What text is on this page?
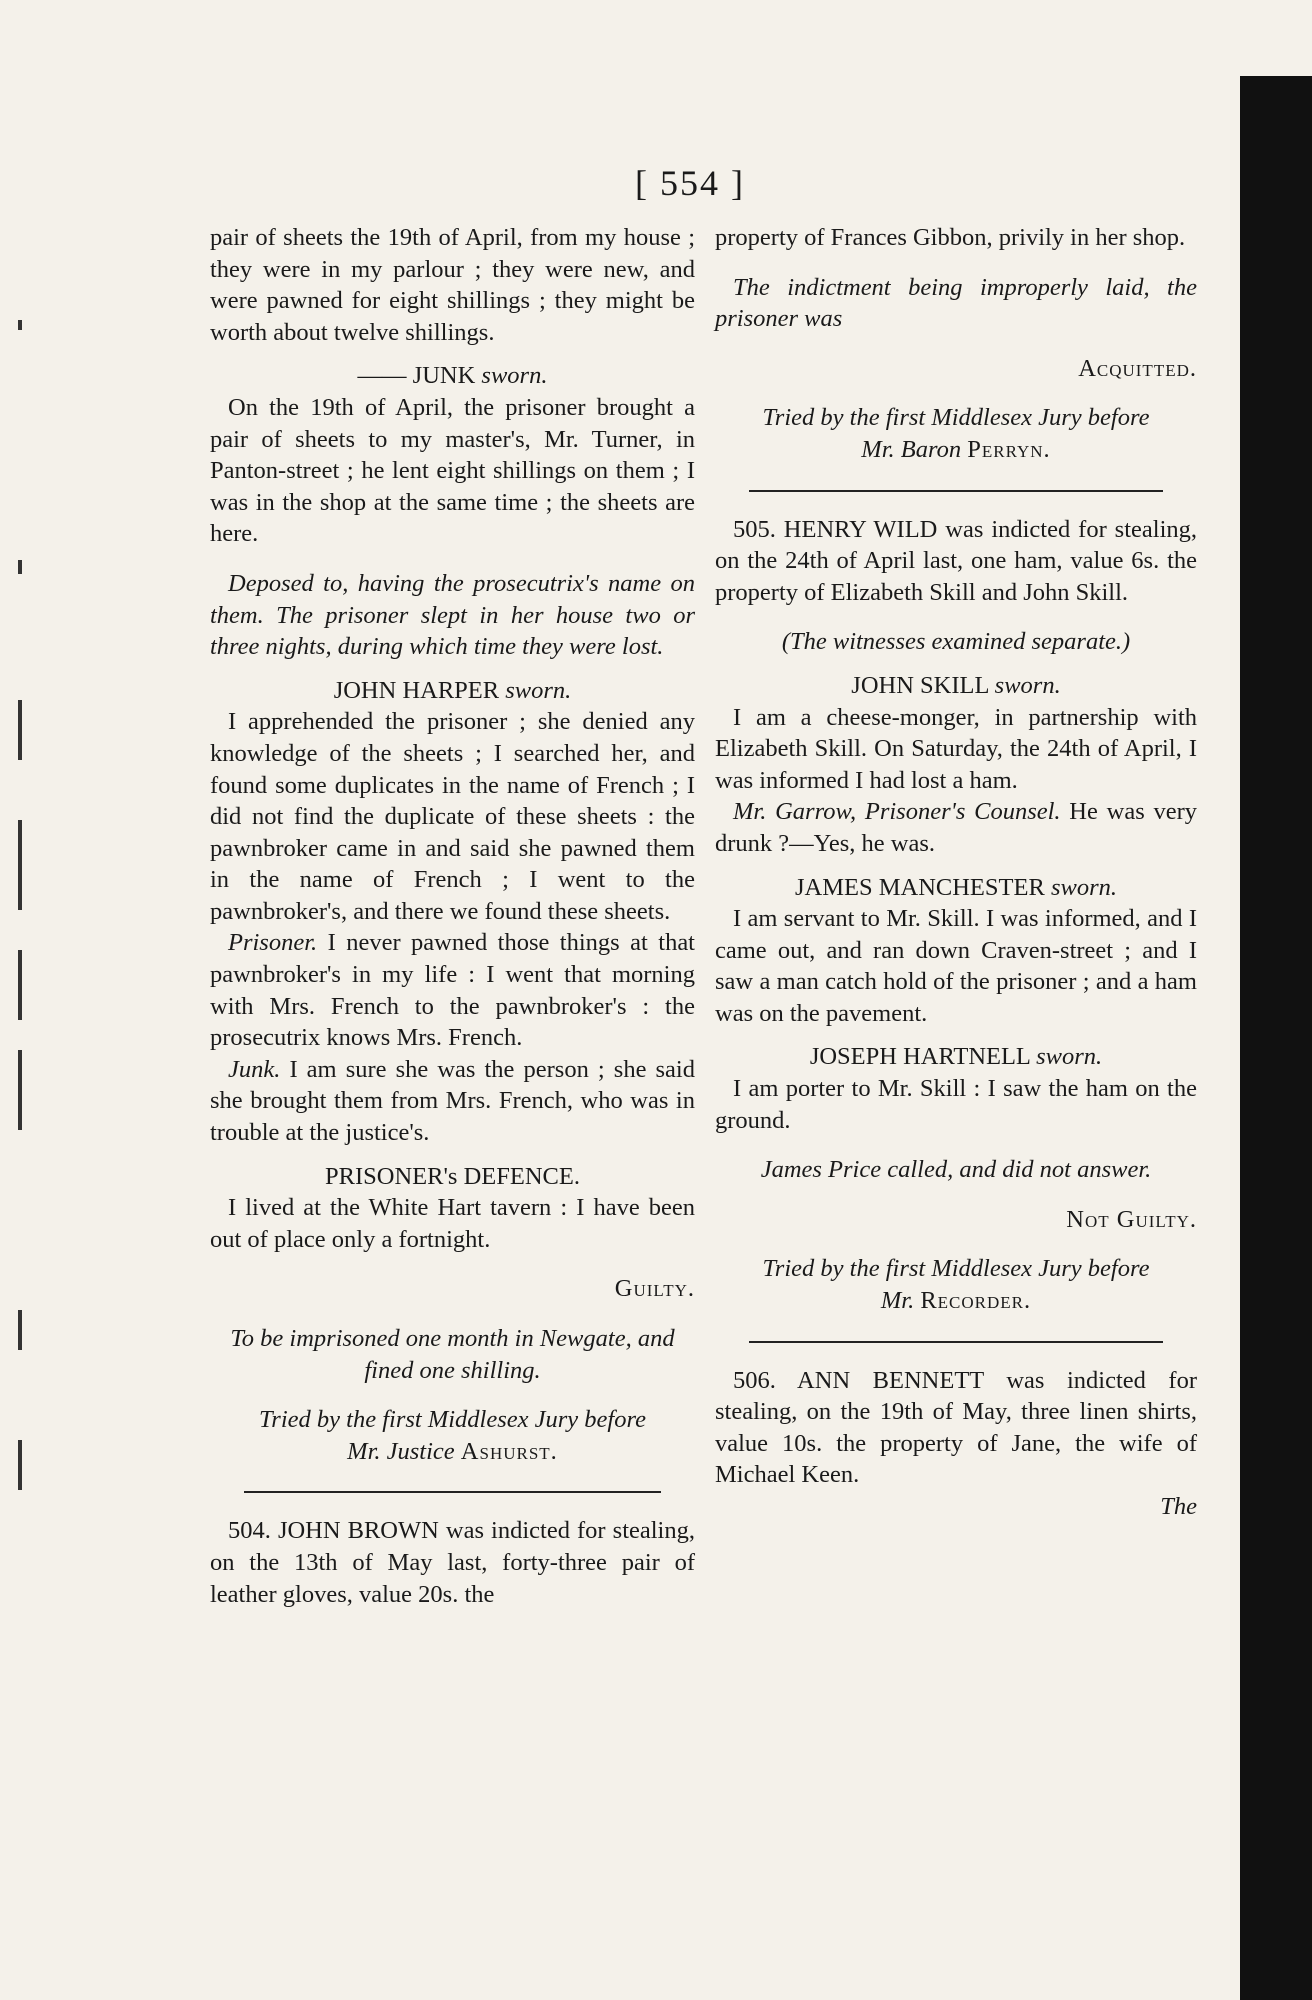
[ 554 ]

pair of sheets the 19th of April, from my house ; they were in my parlour ; they were new, and were pawned for eight shillings ; they might be worth about twelve shillings.

—— JUNK sworn.

On the 19th of April, the prisoner brought a pair of sheets to my master's, Mr. Turner, in Panton-street ; he lent eight shillings on them ; I was in the shop at the same time ; the sheets are here.

Deposed to, having the prosecutrix's name on them. The prisoner slept in her house two or three nights, during which time they were lost.

JOHN HARPER sworn.

I apprehended the prisoner ; she denied any knowledge of the sheets ; I searched her, and found some duplicates in the name of French ; I did not find the duplicate of these sheets : the pawnbroker came in and said she pawned them in the name of French ; I went to the pawnbroker's, and there we found these sheets.

Prisoner. I never pawned those things at that pawnbroker's in my life : I went that morning with Mrs. French to the pawnbroker's : the prosecutrix knows Mrs. French.

Junk. I am sure she was the person ; she said she brought them from Mrs. French, who was in trouble at the justice's.

PRISONER's DEFENCE.

I lived at the White Hart tavern : I have been out of place only a fortnight.

Guilty.

To be imprisoned one month in Newgate, and fined one shilling.

Tried by the first Middlesex Jury before

Mr. Justice Ashurst.

504. JOHN BROWN was indicted for stealing, on the 13th of May last, forty-three pair of leather gloves, value 20s. the

property of Frances Gibbon, privily in her shop.

The indictment being improperly laid, the prisoner was

Acquitted.

Tried by the first Middlesex Jury before

Mr. Baron Perryn.

505. HENRY WILD was indicted for stealing, on the 24th of April last, one ham, value 6s. the property of Elizabeth Skill and John Skill.

(The witnesses examined separate.)

JOHN SKILL sworn.

I am a cheese-monger, in partnership with Elizabeth Skill. On Saturday, the 24th of April, I was informed I had lost a ham.

Mr. Garrow, Prisoner's Counsel. He was very drunk ?—Yes, he was.

JAMES MANCHESTER sworn.

I am servant to Mr. Skill. I was informed, and I came out, and ran down Craven-street ; and I saw a man catch hold of the prisoner ; and a ham was on the pavement.

JOSEPH HARTNELL sworn.

I am porter to Mr. Skill : I saw the ham on the ground.

James Price called, and did not answer.

Not Guilty.

Tried by the first Middlesex Jury before

Mr. Recorder.

506. ANN BENNETT was indicted for stealing, on the 19th of May, three linen shirts, value 10s. the property of Jane, the wife of Michael Keen.

The
